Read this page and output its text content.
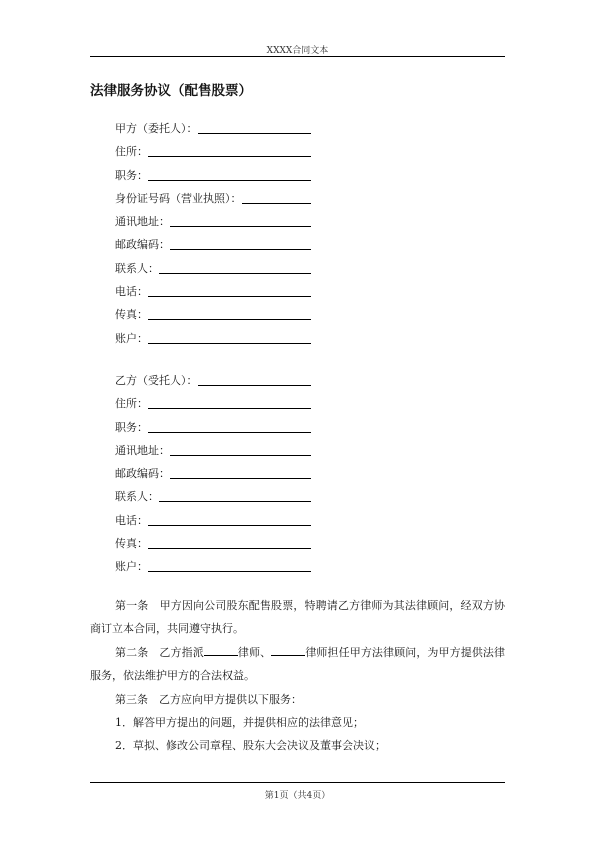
XXXX合同文本
法律服务协议（配售股票）
甲方（委托人）：
住所：
职务：
身份证号码（营业执照）：
通讯地址：
邮政编码：
联系人：
电话：
传真：
账户：
乙方（受托人）：
住所：
职务：
通讯地址：
邮政编码：
联系人：
电话：
传真：
账户：

第一条　甲方因向公司股东配售股票，特聘请乙方律师为其法律顾问，经双方协商订立本合同，共同遵守执行。

第二条　乙方指派	律师、	律师担任甲方法律顾问，为甲方提供法律服务，依法维护甲方的合法权益。

第三条　乙方应向甲方提供以下服务：

1．解答甲方提出的问题，并提供相应的法律意见；

2．草拟、修改公司章程、股东大会决议及董事会决议；

第1页（共4页）
